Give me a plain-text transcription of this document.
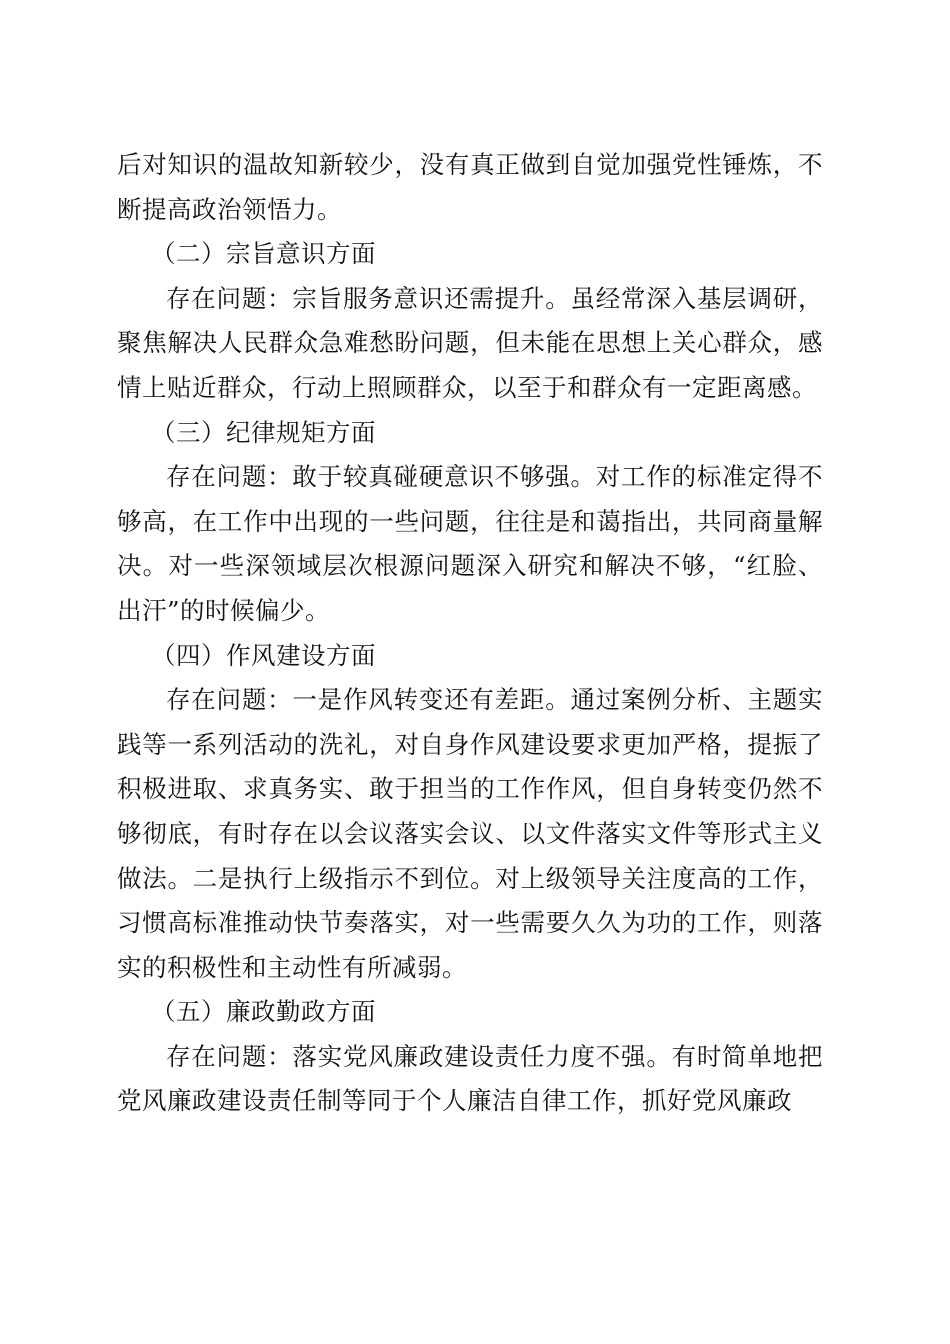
后对知识的温故知新较少，没有真正做到自觉加强党性锤炼，不断提高政治领悟力。

（二）宗旨意识方面

存在问题：宗旨服务意识还需提升。虽经常深入基层调研，聚焦解决人民群众急难愁盼问题，但未能在思想上关心群众，感情上贴近群众，行动上照顾群众，以至于和群众有一定距离感。

（三）纪律规矩方面

存在问题：敢于较真碰硬意识不够强。对工作的标准定得不够高，在工作中出现的一些问题，往往是和蔼指出，共同商量解决。对一些深领域层次根源问题深入研究和解决不够，“红脸、出汗”的时候偏少。

（四）作风建设方面

存在问题：一是作风转变还有差距。通过案例分析、主题实践等一系列活动的洗礼，对自身作风建设要求更加严格，提振了积极进取、求真务实、敢于担当的工作作风，但自身转变仍然不够彻底，有时存在以会议落实会议、以文件落实文件等形式主义做法。二是执行上级指示不到位。对上级领导关注度高的工作，习惯高标准推动快节奏落实，对一些需要久久为功的工作，则落实的积极性和主动性有所减弱。

（五）廉政勤政方面

存在问题：落实党风廉政建设责任力度不强。有时简单地把党风廉政建设责任制等同于个人廉洁自律工作，抓好党风廉政
